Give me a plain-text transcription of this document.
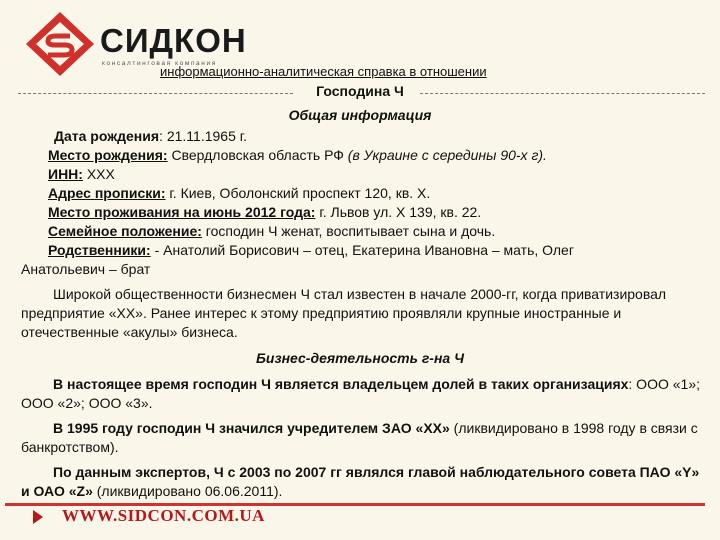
СИДКОН
консалтинговая компания
информационно-аналитическая справка в отношении
Господина Ч
Общая информация
Дата рождения: 21.11.1965 г.
Место рождения: Свердловская область РФ (в Украине с середины 90-х г).
ИНН: ХХХ
Адрес прописки: г. Киев, Оболонский проспект 120, кв. Х.
Место проживания на июнь 2012 года: г. Львов ул. Х 139, кв. 22.
Семейное положение: господин Ч женат, воспитывает сына и дочь.
Родственники: - Анатолий Борисович – отец, Екатерина Ивановна – мать, Олег
Анатольевич – брат
Широкой общественности бизнесмен Ч стал известен в начале 2000-гг, когда приватизировал предприятие «ХХ». Ранее интерес к этому предприятию проявляли крупные иностранные и отечественные «акулы» бизнеса.
Бизнес-деятельность г-на Ч
В настоящее время господин Ч является владельцем долей в таких организациях: ООО «1»; ООО «2»; ООО «3».
В 1995 году господин Ч значился учредителем ЗАО «ХХ» (ликвидировано в 1998 году в связи с банкротством).
По данным экспертов, Ч с 2003 по 2007 гг являлся главой наблюдательного совета ПАО «Y» и ОАО «Z» (ликвидировано 06.06.2011).
WWW.SIDCON.COM.UA
